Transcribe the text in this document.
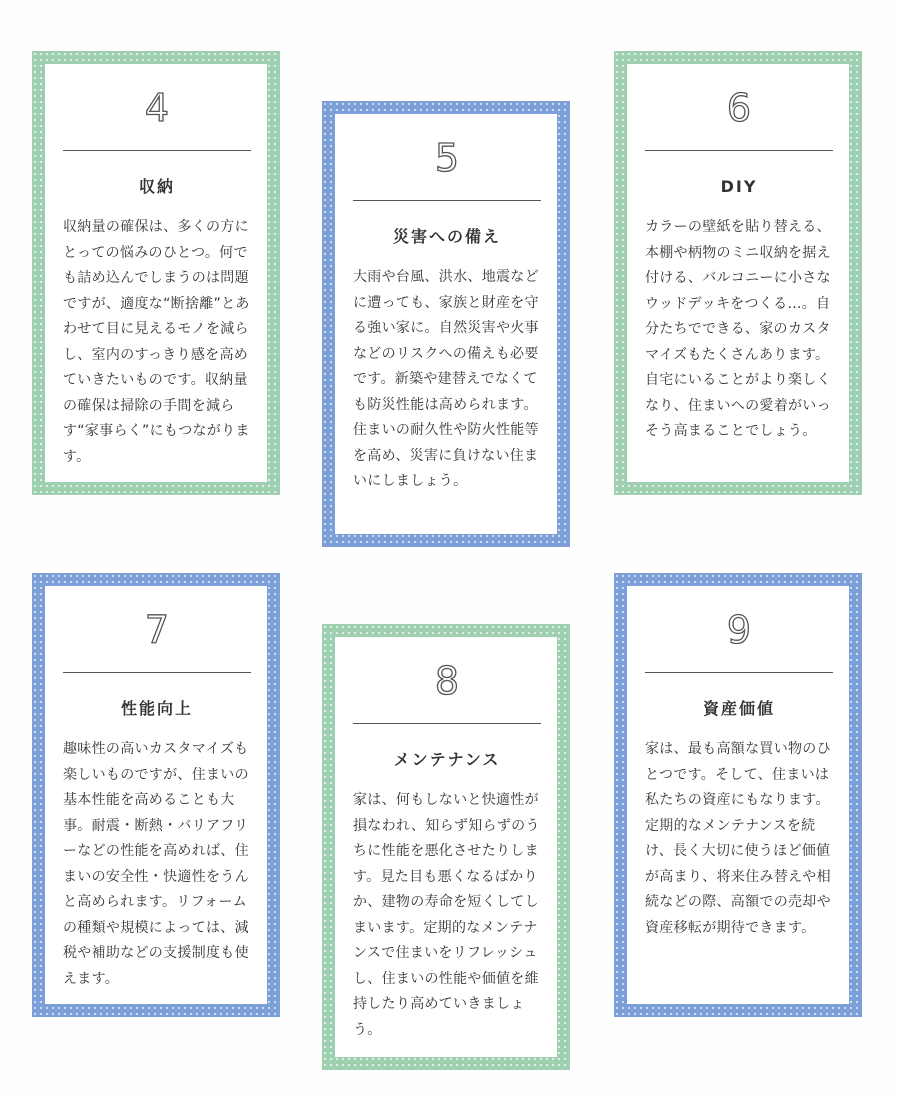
4
収納
収納量の確保は、多くの方にとっての悩みのひとつ。何でも詰め込んでしまうのは問題ですが、適度な“断捨離”とあわせて目に見えるモノを減らし、室内のすっきり感を高めていきたいものです。収納量の確保は掃除の手間を減らす“家事らく”にもつながります。
5
災害への備え
大雨や台風、洪水、地震などに遭っても、家族と財産を守る強い家に。自然災害や火事などのリスクへの備えも必要です。新築や建替えでなくても防災性能は高められます。住まいの耐久性や防火性能等を高め、災害に負けない住まいにしましょう。
6
DIY
カラーの壁紙を貼り替える、本棚や柄物のミニ収納を据え付ける、バルコニーに小さなウッドデッキをつくる…。自分たちでできる、家のカスタマイズもたくさんあります。自宅にいることがより楽しくなり、住まいへの愛着がいっそう高まることでしょう。
7
性能向上
趣味性の高いカスタマイズも楽しいものですが、住まいの基本性能を高めることも大事。耐震・断熱・バリアフリーなどの性能を高めれば、住まいの安全性・快適性をうんと高められます。リフォームの種類や規模によっては、減税や補助などの支援制度も使えます。
8
メンテナンス
家は、何もしないと快適性が損なわれ、知らず知らずのうちに性能を悪化させたりします。見た目も悪くなるばかりか、建物の寿命を短くしてしまいます。定期的なメンテナンスで住まいをリフレッシュし、住まいの性能や価値を維持したり高めていきましょう。
9
資産価値
家は、最も高額な買い物のひとつです。そして、住まいは私たちの資産にもなります。定期的なメンテナンスを続け、長く大切に使うほど価値が高まり、将来住み替えや相続などの際、高額での売却や資産移転が期待できます。
